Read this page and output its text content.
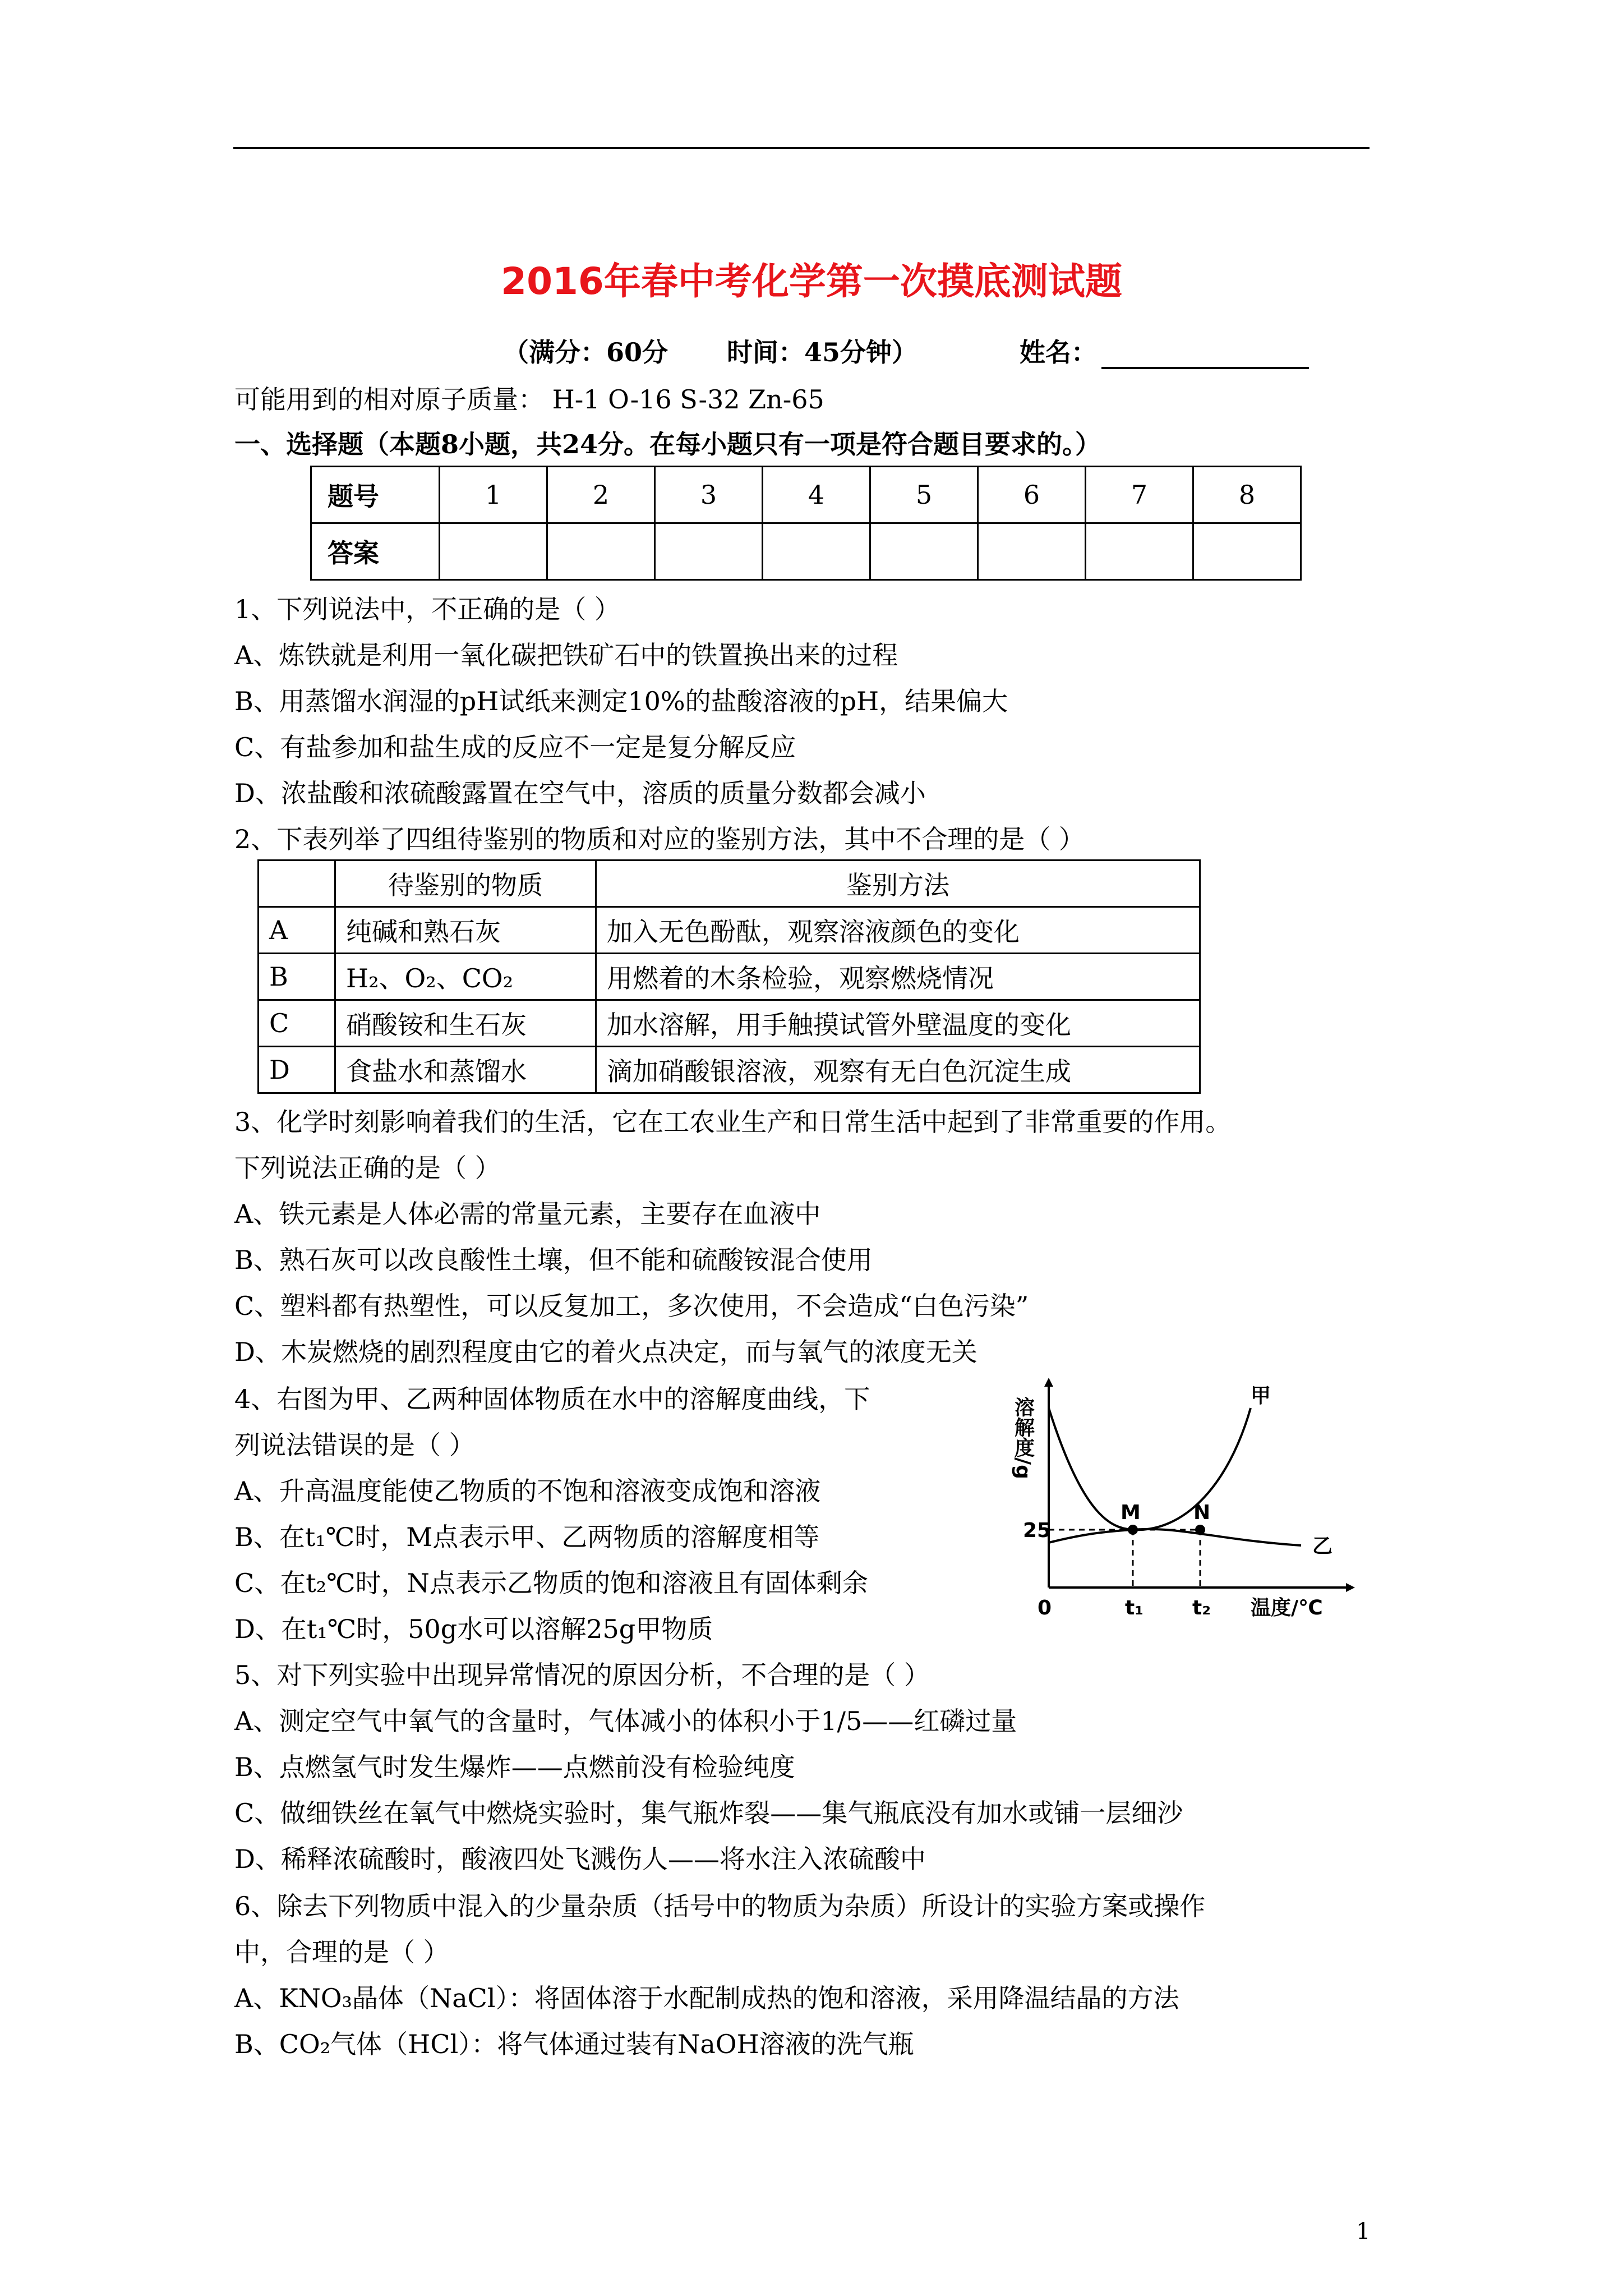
2016年春中考化学第一次摸底测试题
（满分：60分 时间：45分钟）	姓名：
可能用到的相对原子质量： H-1 O-16 S-32 Zn-65
一、选择题（本题8小题，共24分。在每小题只有一项是符合题目要求的。）
题号	1	2	3	4	5	6	7	8
答案								
1、下列说法中，不正确的是（ ）
A、炼铁就是利用一氧化碳把铁矿石中的铁置换出来的过程
B、用蒸馏水润湿的pH试纸来测定10%的盐酸溶液的pH，结果偏大
C、有盐参加和盐生成的反应不一定是复分解反应
D、浓盐酸和浓硫酸露置在空气中，溶质的质量分数都会减小
2、下表列举了四组待鉴别的物质和对应的鉴别方法，其中不合理的是（ ）
	待鉴别的物质	鉴别方法
A	纯碱和熟石灰	加入无色酚酞，观察溶液颜色的变化
B	H₂、O₂、CO₂	用燃着的木条检验，观察燃烧情况
C	硝酸铵和生石灰	加水溶解，用手触摸试管外壁温度的变化
D	食盐水和蒸馏水	滴加硝酸银溶液，观察有无白色沉淀生成
3、化学时刻影响着我们的生活，它在工农业生产和日常生活中起到了非常重要的作用。
下列说法正确的是（ ）
A、铁元素是人体必需的常量元素，主要存在血液中
B、熟石灰可以改良酸性土壤，但不能和硫酸铵混合使用
C、塑料都有热塑性，可以反复加工，多次使用，不会造成“白色污染”
D、木炭燃烧的剧烈程度由它的着火点决定，而与氧气的浓度无关
4、右图为甲、乙两种固体物质在水中的溶解度曲线，下
列说法错误的是（ ）
A、升高温度能使乙物质的不饱和溶液变成饱和溶液
B、在t₁℃时，M点表示甲、乙两物质的溶解度相等
C、在t₂℃时，N点表示乙物质的饱和溶液且有固体剩余
D、在t₁℃时，50g水可以溶解25g甲物质
溶解度/g
25
0	t₁ t₂ 温度/℃
M	N
甲
乙
5、对下列实验中出现异常情况的原因分析，不合理的是（ ）
A、测定空气中氧气的含量时，气体减小的体积小于1/5——红磷过量
B、点燃氢气时发生爆炸——点燃前没有检验纯度
C、做细铁丝在氧气中燃烧实验时，集气瓶炸裂——集气瓶底没有加水或铺一层细沙
D、稀释浓硫酸时，酸液四处飞溅伤人——将水注入浓硫酸中
6、除去下列物质中混入的少量杂质（括号中的物质为杂质）所设计的实验方案或操作
中，合理的是（ ）
A、KNO₃晶体（NaCl）：将固体溶于水配制成热的饱和溶液，采用降温结晶的方法
B、CO₂气体（HCl）：将气体通过装有NaOH溶液的洗气瓶
1
